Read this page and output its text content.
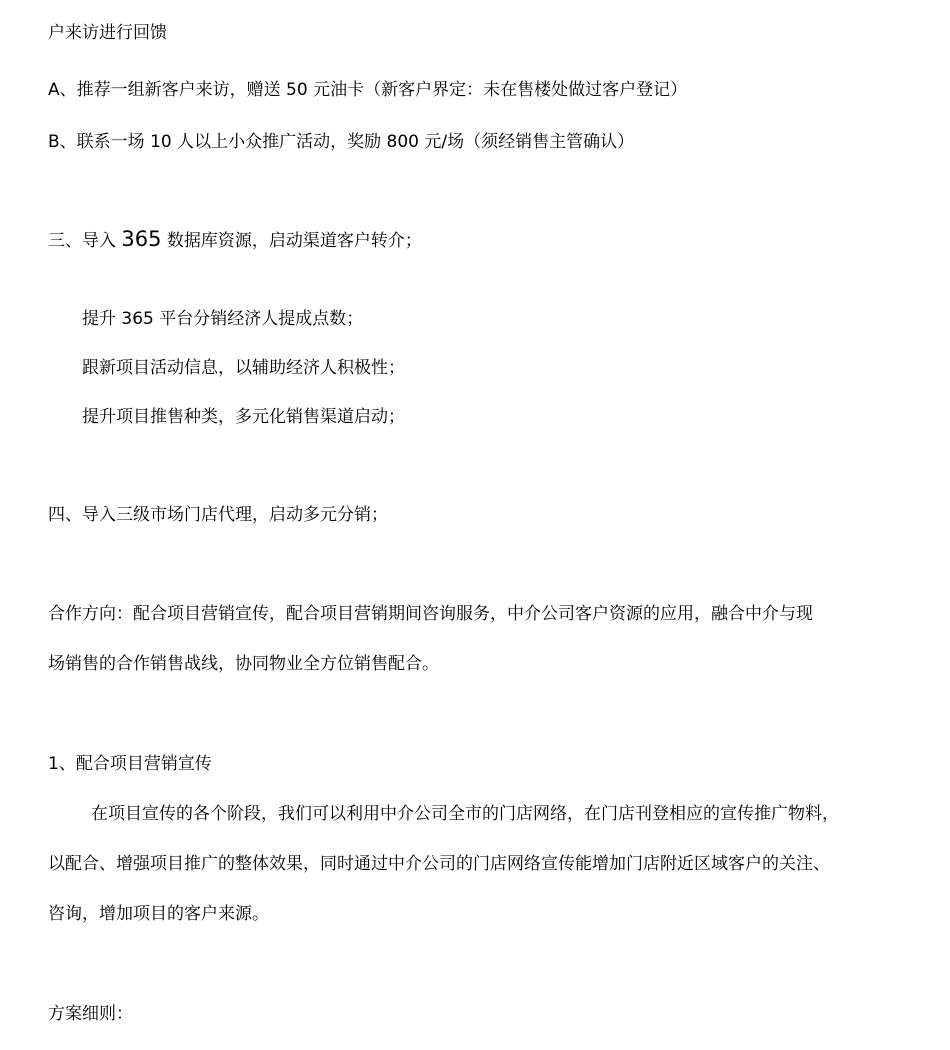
户来访进行回馈
A、推荐一组新客户来访，赠送 50 元油卡（新客户界定：未在售楼处做过客户登记）
B、联系一场 10 人以上小众推广活动，奖励 800 元/场（须经销售主管确认）
三、导入 365 数据库资源，启动渠道客户转介；
提升 365 平台分销经济人提成点数；
跟新项目活动信息，以辅助经济人积极性；
提升项目推售种类，多元化销售渠道启动；
四、导入三级市场门店代理，启动多元分销；
合作方向：配合项目营销宣传，配合项目营销期间咨询服务，中介公司客户资源的应用，融合中介与现
场销售的合作销售战线，协同物业全方位销售配合。
1、配合项目营销宣传
在项目宣传的各个阶段，我们可以利用中介公司全市的门店网络，在门店刊登相应的宣传推广物料，
以配合、增强项目推广的整体效果，同时通过中介公司的门店网络宣传能增加门店附近区域客户的关注、
咨询，增加项目的客户来源。
方案细则：
